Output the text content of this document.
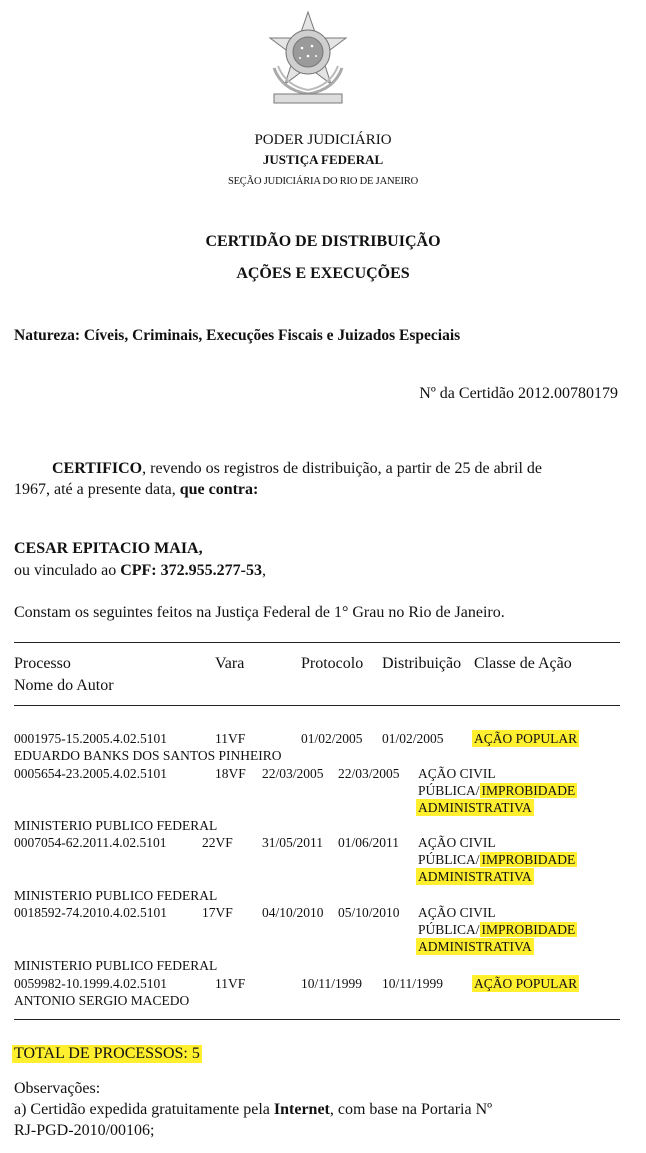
PODER JUDICIÁRIO
JUSTIÇA FEDERAL
SEÇÃO JUDICIÁRIA DO RIO DE JANEIRO
CERTIDÃO DE DISTRIBUIÇÃO
AÇÕES E EXECUÇÕES
Natureza: Cíveis, Criminais, Execuções Fiscais e Juizados Especiais
Nº da Certidão 2012.00780179
CERTIFICO, revendo os registros de distribuição, a partir de 25 de abril de
1967, até a presente data, que contra:
CESAR EPITACIO MAIA,
ou vinculado ao CPF: 372.955.277-53,
Constam os seguintes feitos na Justiça Federal de 1° Grau no Rio de Janeiro.
Processo	Vara	Protocolo Distribuição Classe de Ação
Nome do Autor
0001975-15.2005.4.02.5101	11VF	01/02/2005 01/02/2005 AÇÃO POPULAR
EDUARDO BANKS DOS SANTOS PINHEIRO
0005654-23.2005.4.02.5101	18VF 22/03/2005 22/03/2005 AÇÃO CIVIL
PÚBLICA/ IMPROBIDADE
ADMINISTRATIVA
MINISTERIO PUBLICO FEDERAL
0007054-62.2011.4.02.5101	22VF 31/05/2011 01/06/2011 AÇÃO CIVIL
PÚBLICA/ IMPROBIDADE
ADMINISTRATIVA
MINISTERIO PUBLICO FEDERAL
0018592-74.2010.4.02.5101	17VF 04/10/2010 05/10/2010 AÇÃO CIVIL
PÚBLICA/ IMPROBIDADE
ADMINISTRATIVA
MINISTERIO PUBLICO FEDERAL
0059982-10.1999.4.02.5101	11VF	10/11/1999 10/11/1999 AÇÃO POPULAR
ANTONIO SERGIO MACEDO
TOTAL DE PROCESSOS: 5
Observações:
a) Certidão expedida gratuitamente pela Internet, com base na Portaria Nº
RJ-PGD-2010/00106;
